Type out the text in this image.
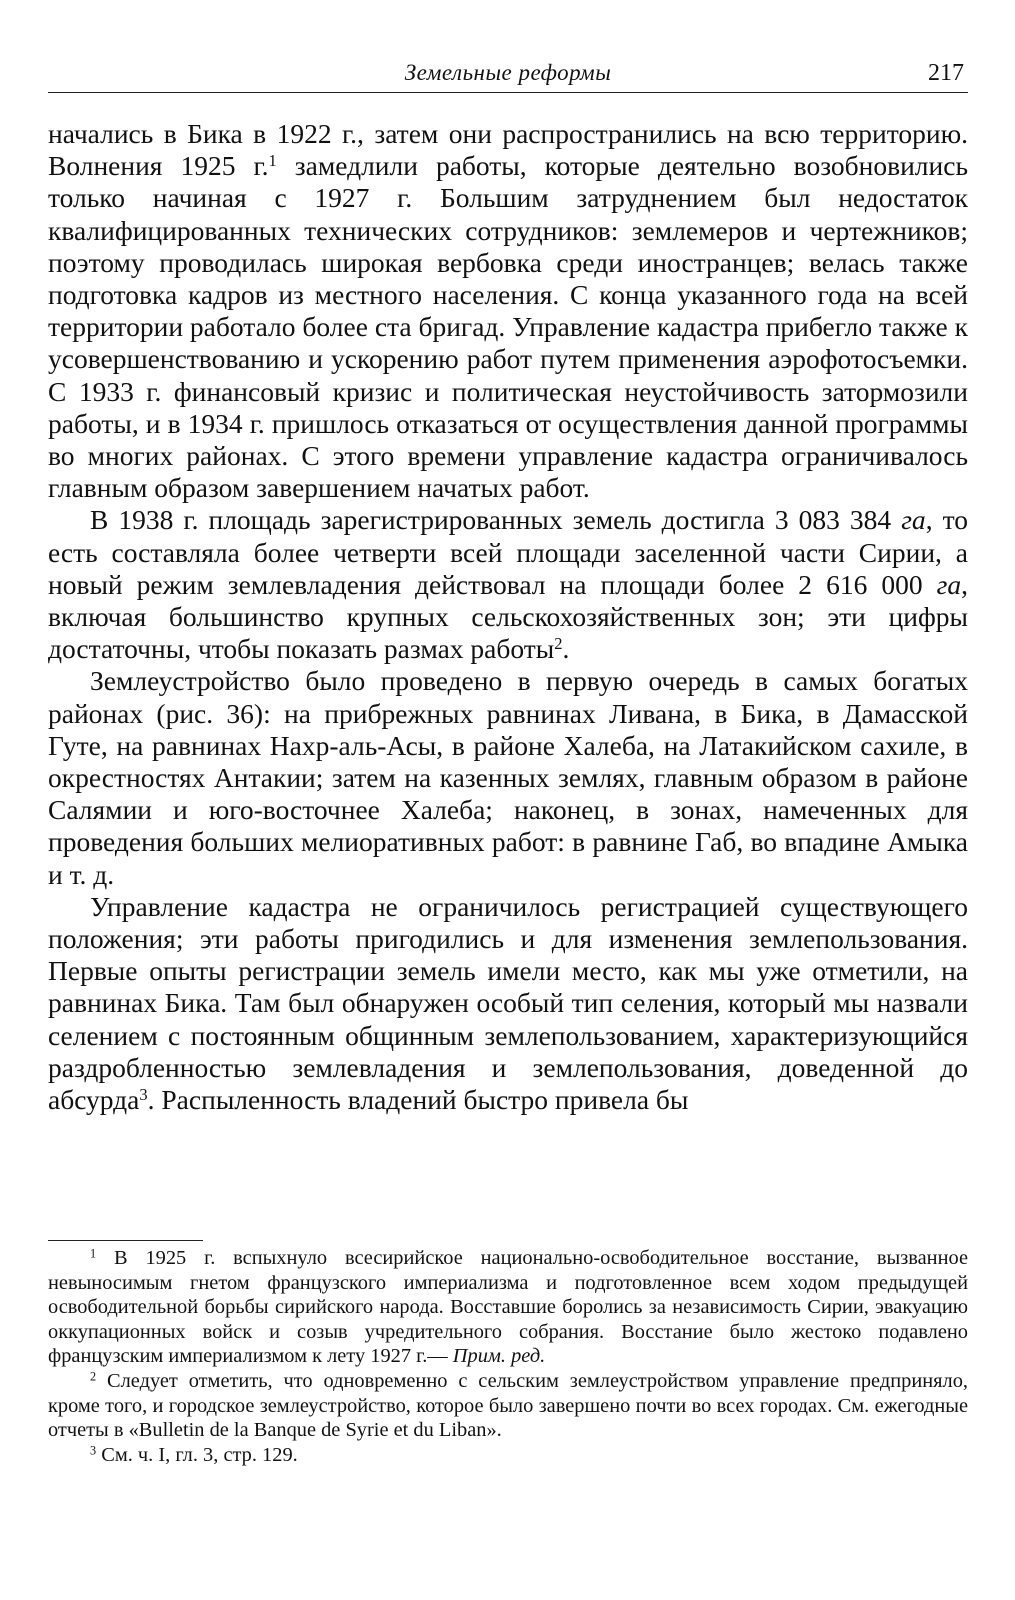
Земельные реформы	217

начались в Бика в 1922 г., затем они распространились на всю территорию. Волнения 1925 г.$^1$ замедлили работы, которые деятельно возобновились только начиная с 1927 г. Большим затруднением был недостаток квалифицированных технических сотрудников: землемеров и чертежников; поэтому проводилась широкая вербовка среди иностранцев; велась также подготовка кадров из местного населения. С конца указанного года на всей территории работало более ста бригад. Управление кадастра прибегло также к усовершенствованию и ускорению работ путем применения аэрофотосъемки. С 1933 г. финансовый кризис и политическая неустойчивость затормозили работы, и в 1934 г. пришлось отказаться от осуществления данной программы во многих районах. С этого времени управление кадастра ограничивалось главным образом завершением начатых работ.

В 1938 г. площадь зарегистрированных земель достигла 3 083 384 га, то есть составляла более четверти всей площади заселенной части Сирии, а новый режим землевладения действовал на площади более 2 616 000 га, включая большинство крупных сельскохозяйственных зон; эти цифры достаточны, чтобы показать размах работы$^2$.

Землеустройство было проведено в первую очередь в самых богатых районах (рис. 36): на прибрежных равнинах Ливана, в Бика, в Дамасской Гуте, на равнинах Нахр-аль-Асы, в районе Халеба, на Латакийском сахиле, в окрестностях Антакии; затем на казенных землях, главным образом в районе Салямии и юго-восточнее Халеба; наконец, в зонах, намеченных для проведения больших мелиоративных работ: в равнине Габ, во впадине Амыка и т. д.

Управление кадастра не ограничилось регистрацией существующего положения; эти работы пригодились и для изменения землепользования. Первые опыты регистрации земель имели место, как мы уже отметили, на равнинах Бика. Там был обнаружен особый тип селения, который мы назвали селением с постоянным общинным землепользованием, характеризующийся раздробленностью землевладения и землепользования, доведенной до абсурда$^3$. Распыленность владений быстро привела бы

$^1$ В 1925 г. вспыхнуло всесирийское национально-освободительное восстание, вызванное невыносимым гнетом французского империализма и подготовленное всем ходом предыдущей освободительной борьбы сирийского народа. Восставшие боролись за независимость Сирии, эвакуацию оккупационных войск и созыв учредительного собрания. Восстание было жестоко подавлено французским империализмом к лету 1927 г.— Прим. ред.

$^2$ Следует отметить, что одновременно с сельским землеустройством управление предприняло, кроме того, и городское землеустройство, которое было завершено почти во всех городах. См. ежегодные отчеты в «Bulletin de la Banque de Syrie et du Liban».

$^3$ См. ч. I, гл. 3, стр. 129.
